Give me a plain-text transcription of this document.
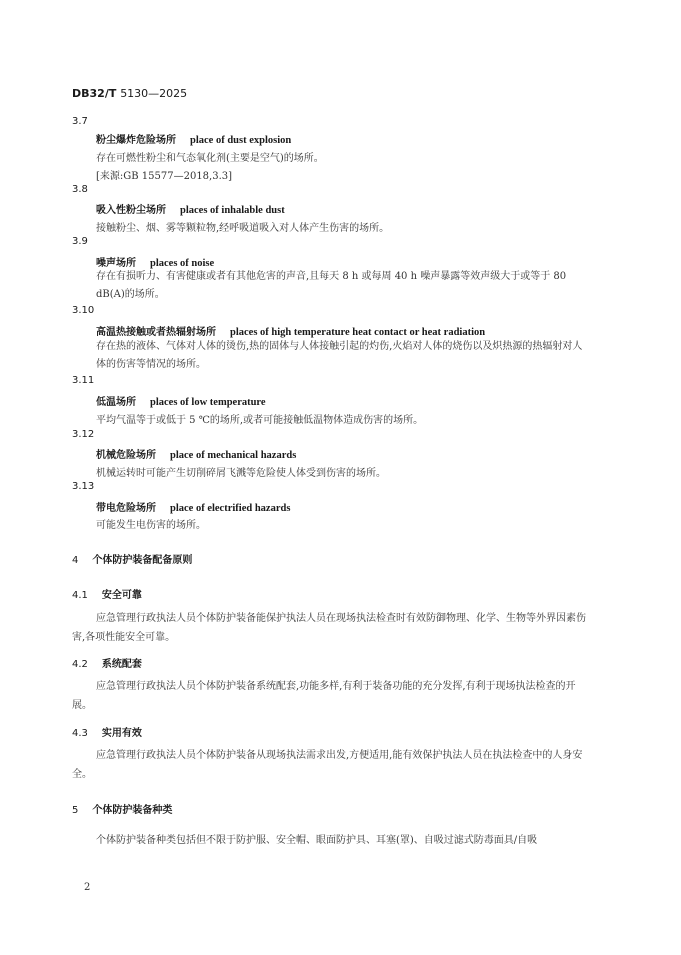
DB32/T 5130—2025
3.7
粉尘爆炸危险场所 place of dust explosion
存在可燃性粉尘和气态氧化剂(主要是空气)的场所。
[来源:GB 15577—2018,3.3]
3.8
吸入性粉尘场所 places of inhalable dust
接触粉尘、烟、雾等颗粒物,经呼吸道吸入对人体产生伤害的场所。
3.9
噪声场所 places of noise
存在有损听力、有害健康或者有其他危害的声音,且每天 8 h 或每周 40 h 噪声暴露等效声级大于或等于 80 dB(A)的场所。
3.10
高温热接触或者热辐射场所 places of high temperature heat contact or heat radiation
存在热的液体、气体对人体的烫伤,热的固体与人体接触引起的灼伤,火焰对人体的烧伤以及炽热源的热辐射对人体的伤害等情况的场所。
3.11
低温场所 places of low temperature
平均气温等于或低于 5 ℃的场所,或者可能接触低温物体造成伤害的场所。
3.12
机械危险场所 place of mechanical hazards
机械运转时可能产生切削碎屑飞溅等危险使人体受到伤害的场所。
3.13
带电危险场所 place of electrified hazards
可能发生电伤害的场所。
4 个体防护装备配备原则
4.1 安全可靠
应急管理行政执法人员个体防护装备能保护执法人员在现场执法检查时有效防御物理、化学、生物等外界因素伤害,各项性能安全可靠。
4.2 系统配套
应急管理行政执法人员个体防护装备系统配套,功能多样,有利于装备功能的充分发挥,有利于现场执法检查的开展。
4.3 实用有效
应急管理行政执法人员个体防护装备从现场执法需求出发,方便适用,能有效保护执法人员在执法检查中的人身安全。
5 个体防护装备种类
个体防护装备种类包括但不限于防护服、安全帽、眼面防护具、耳塞(罩)、自吸过滤式防毒面具/自吸
2
